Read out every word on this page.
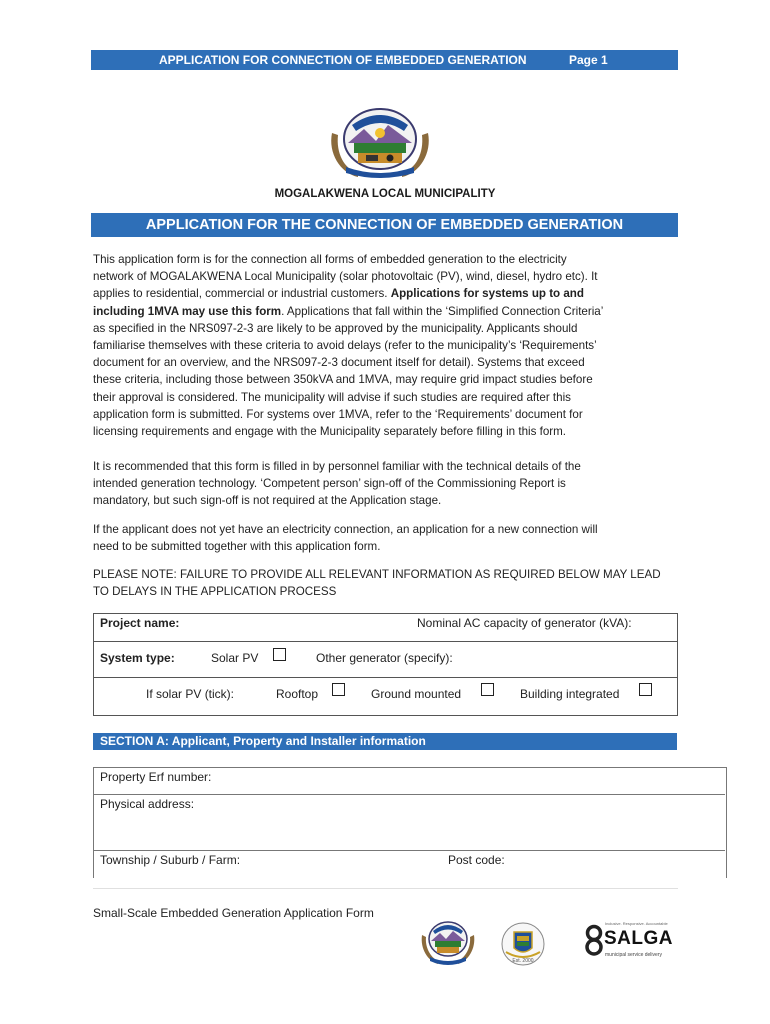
APPLICATION FOR CONNECTION OF EMBEDDED GENERATION	Page 1
MOGALAKWENA LOCAL MUNICIPALITY
APPLICATION FOR THE CONNECTION OF EMBEDDED GENERATION
This application form is for the connection all forms of embedded generation to the electricity
network of MOGALAKWENA Local Municipality (solar photovoltaic (PV), wind, diesel, hydro etc). It
applies to residential, commercial or industrial customers. Applications for systems up to and
including 1MVA may use this form. Applications that fall within the ‘Simplified Connection Criteria’
as specified in the NRS097-2-3 are likely to be approved by the municipality. Applicants should
familiarise themselves with these criteria to avoid delays (refer to the municipality’s ‘Requirements’
document for an overview, and the NRS097-2-3 document itself for detail). Systems that exceed
these criteria, including those between 350kVA and 1MVA, may require grid impact studies before
their approval is considered. The municipality will advise if such studies are required after this
application form is submitted. For systems over 1MVA, refer to the ‘Requirements’ document for
licensing requirements and engage with the Municipality separately before filling in this form.
It is recommended that this form is filled in by personnel familiar with the technical details of the
intended generation technology. ‘Competent person’ sign-off of the Commissioning Report is
mandatory, but such sign-off is not required at the Application stage.
If the applicant does not yet have an electricity connection, an application for a new connection will
need to be submitted together with this application form.
PLEASE NOTE: FAILURE TO PROVIDE ALL RELEVANT INFORMATION AS REQUIRED BELOW MAY LEAD
TO DELAYS IN THE APPLICATION PROCESS
Project name:	Nominal AC capacity of generator (kVA):
System type:	Solar PV	Other generator (specify):
If solar PV (tick):	Rooftop	Ground mounted	Building integrated
SECTION A: Applicant, Property and Installer information
Property Erf number:
Physical address:
Township / Suburb / Farm:	Post code:
Small-Scale Embedded Generation Application Form
Est. 2000
Inclusive. Responsive. Accountable
SALGA
municipal service delivery
